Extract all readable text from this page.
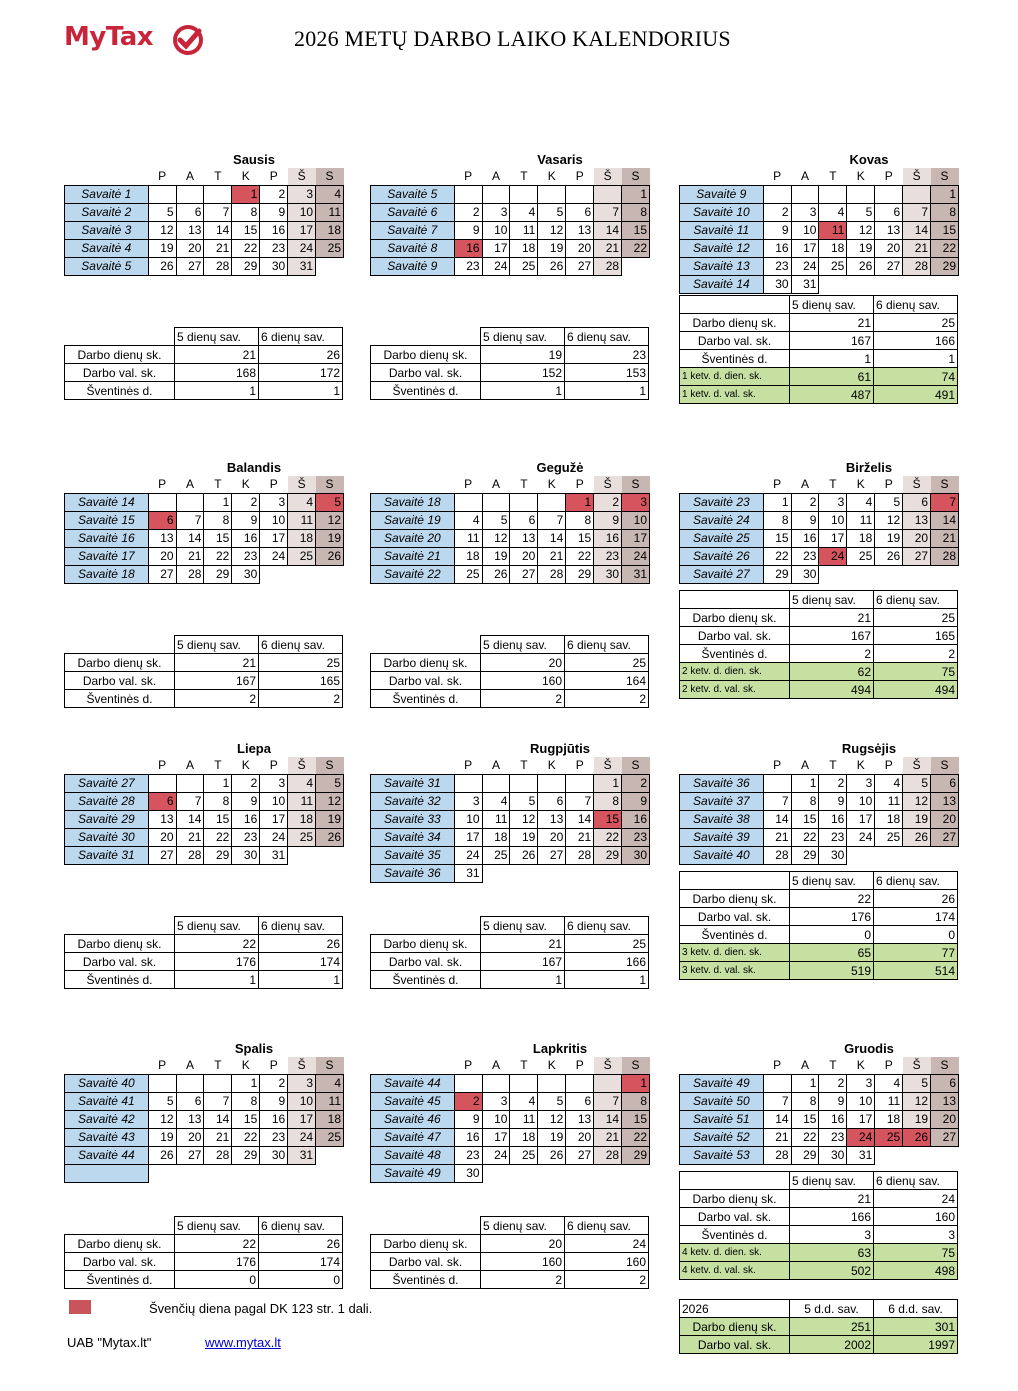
MyTax	2026 METŲ DARBO LAIKO KALENDORIUS
Sausis
	P	A	T	K	P	Š	S
Savaitė 1				1	2	3	4
Savaitė 2	5	6	7	8	9	10	11
Savaitė 3	12	13	14	15	16	17	18
Savaitė 4	19	20	21	22	23	24	25
Savaitė 5	26	27	28	29	30	31	
	5 dienų sav.	6 dienų sav.
Darbo dienų sk.	21	26
Darbo val. sk.	168	172
Šventinės d.	1	1
Vasaris
	P	A	T	K	P	Š	S
Savaitė 5							1
Savaitė 6	2	3	4	5	6	7	8
Savaitė 7	9	10	11	12	13	14	15
Savaitė 8	16	17	18	19	20	21	22
Savaitė 9	23	24	25	26	27	28	
	5 dienų sav.	6 dienų sav.
Darbo dienų sk.	19	23
Darbo val. sk.	152	153
Šventinės d.	1	1
Kovas
	P	A	T	K	P	Š	S
Savaitė 9							1
Savaitė 10	2	3	4	5	6	7	8
Savaitė 11	9	10	11	12	13	14	15
Savaitė 12	16	17	18	19	20	21	22
Savaitė 13	23	24	25	26	27	28	29
Savaitė 14	30	31					
	5 dienų sav.	6 dienų sav.
Darbo dienų sk.	21	25
Darbo val. sk.	167	166
Šventinės d.	1	1
1 ketv. d. dien. sk.	61	74
1 ketv. d. val. sk.	487	491
Balandis
	P	A	T	K	P	Š	S
Savaitė 14			1	2	3	4	5
Savaitė 15	6	7	8	9	10	11	12
Savaitė 16	13	14	15	16	17	18	19
Savaitė 17	20	21	22	23	24	25	26
Savaitė 18	27	28	29	30			
	5 dienų sav.	6 dienų sav.
Darbo dienų sk.	21	25
Darbo val. sk.	167	165
Šventinės d.	2	2
Gegužė
	P	A	T	K	P	Š	S
Savaitė 18					1	2	3
Savaitė 19	4	5	6	7	8	9	10
Savaitė 20	11	12	13	14	15	16	17
Savaitė 21	18	19	20	21	22	23	24
Savaitė 22	25	26	27	28	29	30	31
	5 dienų sav.	6 dienų sav.
Darbo dienų sk.	20	25
Darbo val. sk.	160	164
Šventinės d.	2	2
Birželis
	P	A	T	K	P	Š	S
Savaitė 23	1	2	3	4	5	6	7
Savaitė 24	8	9	10	11	12	13	14
Savaitė 25	15	16	17	18	19	20	21
Savaitė 26	22	23	24	25	26	27	28
Savaitė 27	29	30					
	5 dienų sav.	6 dienų sav.
Darbo dienų sk.	21	25
Darbo val. sk.	167	165
Šventinės d.	2	2
2 ketv. d. dien. sk.	62	75
2 ketv. d. val. sk.	494	494
Liepa
	P	A	T	K	P	Š	S
Savaitė 27			1	2	3	4	5
Savaitė 28	6	7	8	9	10	11	12
Savaitė 29	13	14	15	16	17	18	19
Savaitė 30	20	21	22	23	24	25	26
Savaitė 31	27	28	29	30	31		
	5 dienų sav.	6 dienų sav.
Darbo dienų sk.	22	26
Darbo val. sk.	176	174
Šventinės d.	1	1
Rugpjūtis
	P	A	T	K	P	Š	S
Savaitė 31						1	2
Savaitė 32	3	4	5	6	7	8	9
Savaitė 33	10	11	12	13	14	15	16
Savaitė 34	17	18	19	20	21	22	23
Savaitė 35	24	25	26	27	28	29	30
Savaitė 36	31						
	5 dienų sav.	6 dienų sav.
Darbo dienų sk.	21	25
Darbo val. sk.	167	166
Šventinės d.	1	1
Rugsėjis
	P	A	T	K	P	Š	S
Savaitė 36		1	2	3	4	5	6
Savaitė 37	7	8	9	10	11	12	13
Savaitė 38	14	15	16	17	18	19	20
Savaitė 39	21	22	23	24	25	26	27
Savaitė 40	28	29	30				
	5 dienų sav.	6 dienų sav.
Darbo dienų sk.	22	26
Darbo val. sk.	176	174
Šventinės d.	0	0
3 ketv. d. dien. sk.	65	77
3 ketv. d. val. sk.	519	514
Spalis
	P	A	T	K	P	Š	S
Savaitė 40				1	2	3	4
Savaitė 41	5	6	7	8	9	10	11
Savaitė 42	12	13	14	15	16	17	18
Savaitė 43	19	20	21	22	23	24	25
Savaitė 44	26	27	28	29	30	31	

	5 dienų sav.	6 dienų sav.
Darbo dienų sk.	22	26
Darbo val. sk.	176	174
Šventinės d.	0	0
Lapkritis
	P	A	T	K	P	Š	S
Savaitė 44							1
Savaitė 45	2	3	4	5	6	7	8
Savaitė 46	9	10	11	12	13	14	15
Savaitė 47	16	17	18	19	20	21	22
Savaitė 48	23	24	25	26	27	28	29
Savaitė 49	30						
	5 dienų sav.	6 dienų sav.
Darbo dienų sk.	20	24
Darbo val. sk.	160	160
Šventinės d.	2	2
Gruodis
	P	A	T	K	P	Š	S
Savaitė 49		1	2	3	4	5	6
Savaitė 50	7	8	9	10	11	12	13
Savaitė 51	14	15	16	17	18	19	20
Savaitė 52	21	22	23	24	25	26	27
Savaitė 53	28	29	30	31			
	5 dienų sav.	6 dienų sav.
Darbo dienų sk.	21	24
Darbo val. sk.	166	160
Šventinės d.	3	3
4 ketv. d. dien. sk.	63	75
4 ketv. d. val. sk.	502	498
Švenčių diena pagal DK 123 str. 1 dali.
UAB "Mytax.lt"	www.mytax.lt
2026	5 d.d. sav.	6 d.d. sav.
Darbo dienų sk.	251	301
Darbo val. sk.	2002	1997
